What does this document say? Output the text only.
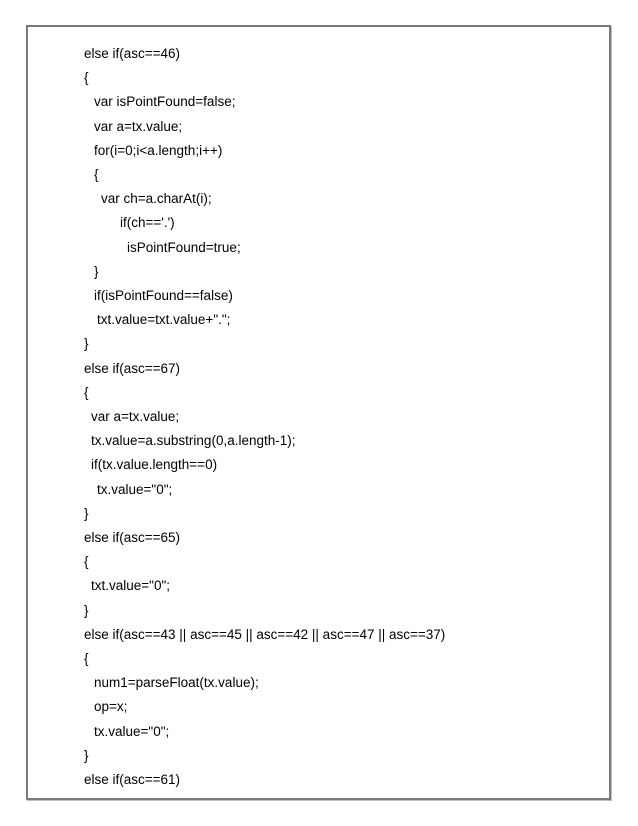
else if(asc==46)
{
var isPointFound=false;
var a=tx.value;
for(i=0;i<a.length;i++)
{
var ch=a.charAt(i);
if(ch=='.')
isPointFound=true;
}
if(isPointFound==false)
txt.value=txt.value+".";
}
else if(asc==67)
{
var a=tx.value;
tx.value=a.substring(0,a.length-1);
if(tx.value.length==0)
tx.value="0";
}
else if(asc==65)
{
txt.value="0";
}
else if(asc==43 || asc==45 || asc==42 || asc==47 || asc==37)
{
num1=parseFloat(tx.value);
op=x;
tx.value="0";
}
else if(asc==61)
